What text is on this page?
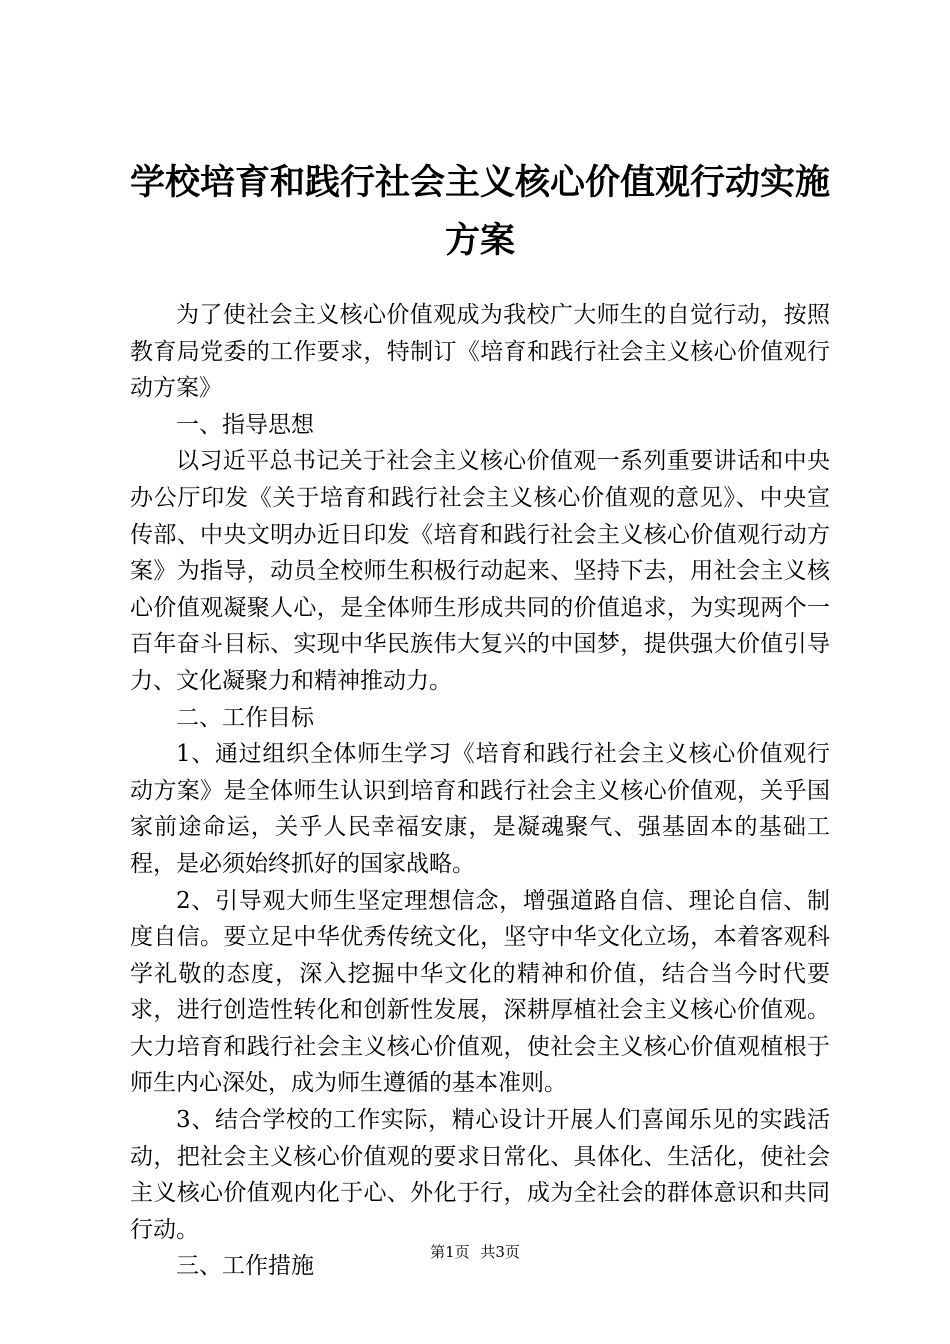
学校培育和践行社会主义核心价值观行动实施
方案

为了使社会主义核心价值观成为我校广大师生的自觉行动，按照教育局党委的工作要求，特制订《培育和践行社会主义核心价值观行动方案》

一、指导思想

以习近平总书记关于社会主义核心价值观一系列重要讲话和中央办公厅印发《关于培育和践行社会主义核心价值观的意见》、中央宣传部、中央文明办近日印发《培育和践行社会主义核心价值观行动方案》为指导，动员全校师生积极行动起来、坚持下去，用社会主义核心价值观凝聚人心，是全体师生形成共同的价值追求，为实现两个一百年奋斗目标、实现中华民族伟大复兴的中国梦，提供强大价值引导力、文化凝聚力和精神推动力。

二、工作目标

1、通过组织全体师生学习《培育和践行社会主义核心价值观行动方案》是全体师生认识到培育和践行社会主义核心价值观，关乎国家前途命运，关乎人民幸福安康，是凝魂聚气、强基固本的基础工程，是必须始终抓好的国家战略。

2、引导观大师生坚定理想信念，增强道路自信、理论自信、制度自信。要立足中华优秀传统文化，坚守中华文化立场，本着客观科学礼敬的态度，深入挖掘中华文化的精神和价值，结合当今时代要求，进行创造性转化和创新性发展，深耕厚植社会主义核心价值观。大力培育和践行社会主义核心价值观，使社会主义核心价值观植根于师生内心深处，成为师生遵循的基本准则。

3、结合学校的工作实际，精心设计开展人们喜闻乐见的实践活动，把社会主义核心价值观的要求日常化、具体化、生活化，使社会主义核心价值观内化于心、外化于行，成为全社会的群体意识和共同行动。

三、工作措施

第1页 共3页
